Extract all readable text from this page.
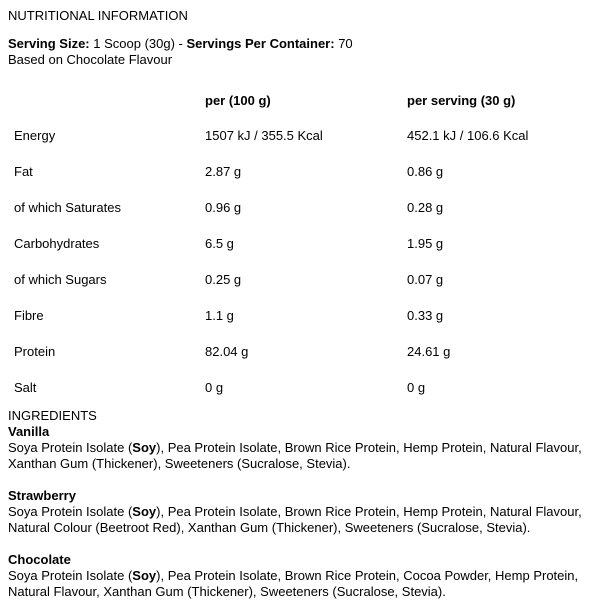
NUTRITIONAL INFORMATION
Serving Size: 1 Scoop (30g) - Servings Per Container: 70
Based on Chocolate Flavour
	per (100 g)	per serving (30 g)
Energy	1507 kJ / 355.5 Kcal	452.1 kJ / 106.6 Kcal
Fat	2.87 g	0.86 g
of which Saturates	0.96 g	0.28 g
Carbohydrates	6.5 g	1.95 g
of which Sugars	0.25 g	0.07 g
Fibre	1.1 g	0.33 g
Protein	82.04 g	24.61 g
Salt	0 g	0 g
INGREDIENTS
Vanilla
Soya Protein Isolate (Soy), Pea Protein Isolate, Brown Rice Protein, Hemp Protein, Natural Flavour, Xanthan Gum (Thickener), Sweeteners (Sucralose, Stevia).
Strawberry
Soya Protein Isolate (Soy), Pea Protein Isolate, Brown Rice Protein, Hemp Protein, Natural Flavour, Natural Colour (Beetroot Red), Xanthan Gum (Thickener), Sweeteners (Sucralose, Stevia).
Chocolate
Soya Protein Isolate (Soy), Pea Protein Isolate, Brown Rice Protein, Cocoa Powder, Hemp Protein, Natural Flavour, Xanthan Gum (Thickener), Sweeteners (Sucralose, Stevia).
